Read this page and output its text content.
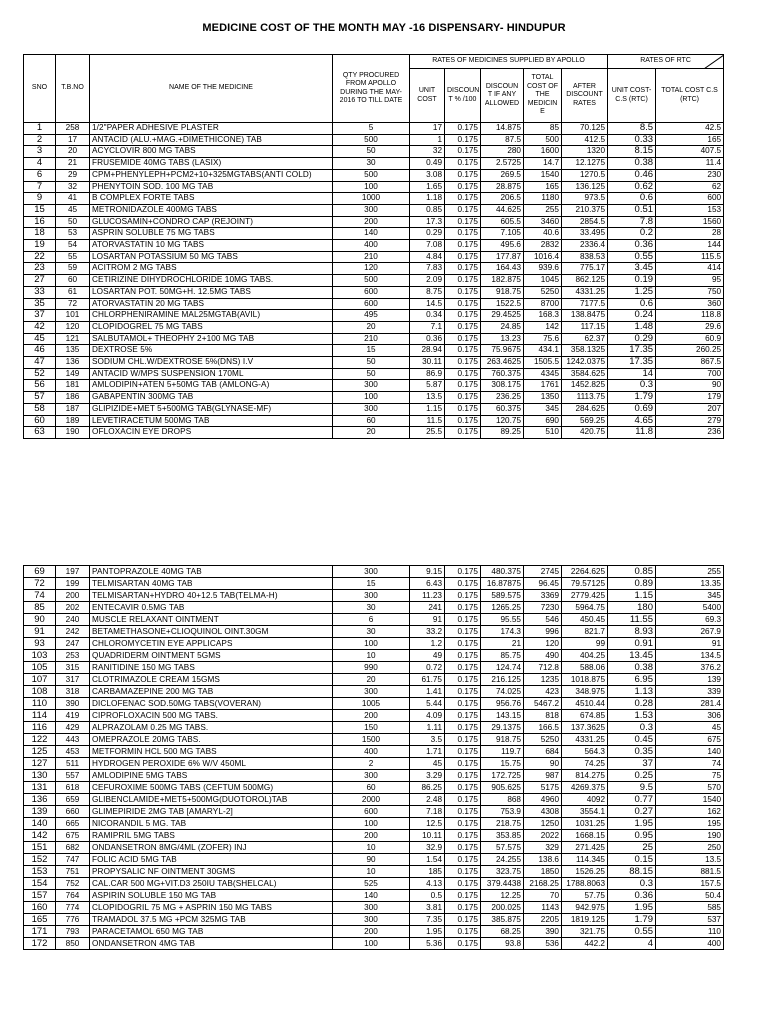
MEDICINE COST OF THE MONTH MAY -16 DISPENSARY- HINDUPUR
SNO	T.B.NO	NAME OF THE MEDICINE	QTY PROCURED FROM APOLLO DURING THE MAY-2016 TO TILL DATE	RATES OF MEDICINES SUPPLIED BY APOLLO					RATES OF RTC	

				UNIT COST	DISCOUN T % /100	DISCOUN T IF ANY ALLOWED	TOTAL COST OF THE MEDICIN E	AFTER DISCOUNT RATES	UNIT COST-C.S (RTC)	TOTAL COST C.S (RTC)
1	258	1/2"PAPER ADHESIVE PLASTER	5	17	0.175	14.875	85	70.125	8.5	42.5
2	17	ANTACID (ALU.+MAG.+DIMETHICONE) TAB	500	1	0.175	87.5	500	412.5	0.33	165
3	20	ACYCLOVIR 800 MG TABS	50	32	0.175	280	1600	1320	8.15	407.5
4	21	FRUSEMIDE 40MG TABS (LASIX)	30	0.49	0.175	2.5725	14.7	12.1275	0.38	11.4
6	29	CPM+PHENYLEPH+PCM2+10+325MGTABS(ANTI COLD)	500	3.08	0.175	269.5	1540	1270.5	0.46	230
7	32	PHENYTOIN SOD. 100 MG TAB	100	1.65	0.175	28.875	165	136.125	0.62	62
9	41	B COMPLEX FORTE TABS	1000	1.18	0.175	206.5	1180	973.5	0.6	600
15	45	METRONIDAZOLE 400MG TABS	300	0.85	0.175	44.625	255	210.375	0.51	153
16	50	GLUCOSAMIN+CONDRO CAP (REJOINT)	200	17.3	0.175	605.5	3460	2854.5	7.8	1560
18	53	ASPRIN SOLUBLE 75 MG TABS	140	0.29	0.175	7.105	40.6	33.495	0.2	28
19	54	ATORVASTATIN 10 MG TABS	400	7.08	0.175	495.6	2832	2336.4	0.36	144
22	55	LOSARTAN POTASSIUM 50 MG TABS	210	4.84	0.175	177.87	1016.4	838.53	0.55	115.5
23	59	ACITROM 2 MG TABS	120	7.83	0.175	164.43	939.6	775.17	3.45	414
27	60	CETIRIZINE DIHYDROCHLORIDE 10MG TABS.	500	2.09	0.175	182.875	1045	862.125	0.19	95
33	61	LOSARTAN POT. 50MG+H. 12.5MG TABS	600	8.75	0.175	918.75	5250	4331.25	1.25	750
35	72	ATORVASTATIN 20 MG TABS	600	14.5	0.175	1522.5	8700	7177.5	0.6	360
37	101	CHLORPHENIRAMINE MAL25MGTAB(AVIL)	495	0.34	0.175	29.4525	168.3	138.8475	0.24	118.8
42	120	CLOPIDOGREL 75 MG TABS	20	7.1	0.175	24.85	142	117.15	1.48	29.6
45	121	SALBUTAMOL+ THEOPHY 2+100 MG TAB	210	0.36	0.175	13.23	75.6	62.37	0.29	60.9
46	135	DEXTROSE 5%	15	28.94	0.175	75.9675	434.1	358.1325	17.35	260.25
47	136	SODIUM CHL.W/DEXTROSE 5%(DNS) I.V	50	30.11	0.175	263.4625	1505.5	1242.0375	17.35	867.5
52	149	ANTACID W/MPS SUSPENSION 170ML	50	86.9	0.175	760.375	4345	3584.625	14	700
56	181	AMLODIPIN+ATEN 5+50MG TAB (AMLONG-A)	300	5.87	0.175	308.175	1761	1452.825	0.3	90
57	186	GABAPENTIN 300MG TAB	100	13.5	0.175	236.25	1350	1113.75	1.79	179
58	187	GLIPIZIDE+MET 5+500MG TAB(GLYNASE-MF)	300	1.15	0.175	60.375	345	284.625	0.69	207
60	189	LEVETIRACETUM 500MG TAB	60	11.5	0.175	120.75	690	569.25	4.65	279
63	190	OFLOXACIN EYE DROPS	20	25.5	0.175	89.25	510	420.75	11.8	236
69	197	PANTOPRAZOLE 40MG TAB	300	9.15	0.175	480.375	2745	2264.625	0.85	255
72	199	TELMISARTAN 40MG TAB	15	6.43	0.175	16.87875	96.45	79.57125	0.89	13.35
74	200	TELMISARTAN+HYDRO 40+12.5 TAB(TELMA-H)	300	11.23	0.175	589.575	3369	2779.425	1.15	345
85	202	ENTECAVIR 0.5MG TAB	30	241	0.175	1265.25	7230	5964.75	180	5400
90	240	MUSCLE RELAXANT OINTMENT	6	91	0.175	95.55	546	450.45	11.55	69.3
91	242	BETAMETHASONE+CLIOQUINOL OINT.30GM	30	33.2	0.175	174.3	996	821.7	8.93	267.9
93	247	CHLOROMYCETIN EYE APPLICAPS	100	1.2	0.175	21	120	99	0.91	91
103	253	QUADRIDERM OINTMENT 5GMS	10	49	0.175	85.75	490	404.25	13.45	134.5
105	315	RANITIDINE 150 MG TABS	990	0.72	0.175	124.74	712.8	588.06	0.38	376.2
107	317	CLOTRIMAZOLE CREAM 15GMS	20	61.75	0.175	216.125	1235	1018.875	6.95	139
108	318	CARBAMAZEPINE 200 MG TAB	300	1.41	0.175	74.025	423	348.975	1.13	339
110	390	DICLOFENAC SOD.50MG TABS(VOVERAN)	1005	5.44	0.175	956.76	5467.2	4510.44	0.28	281.4
114	419	CIPROFLOXACIN 500 MG TABS.	200	4.09	0.175	143.15	818	674.85	1.53	306
116	429	ALPRAZOLAM 0.25 MG TABS.	150	1.11	0.175	29.1375	166.5	137.3625	0.3	45
122	443	OMEPRAZOLE 20MG TABS.	1500	3.5	0.175	918.75	5250	4331.25	0.45	675
125	453	METFORMIN HCL 500 MG TABS	400	1.71	0.175	119.7	684	564.3	0.35	140
127	511	HYDROGEN PEROXIDE 6% W/V 450ML	2	45	0.175	15.75	90	74.25	37	74
130	557	AMLODIPINE 5MG TABS	300	3.29	0.175	172.725	987	814.275	0.25	75
131	618	CEFUROXIME 500MG TABS (CEFTUM 500MG)	60	86.25	0.175	905.625	5175	4269.375	9.5	570
136	659	GLIBENCLAMIDE+MET5+500MG(DUOTOROL)TAB	2000	2.48	0.175	868	4960	4092	0.77	1540
139	660	GLIMEPIRIDE 2MG TAB [AMARYL-2]	600	7.18	0.175	753.9	4308	3554.1	0.27	162
140	665	NICORANDIL 5 MG. TAB	100	12.5	0.175	218.75	1250	1031.25	1.95	195
142	675	RAMIPRIL 5MG TABS	200	10.11	0.175	353.85	2022	1668.15	0.95	190
151	682	ONDANSETRON 8MG/4ML (ZOFER) INJ	10	32.9	0.175	57.575	329	271.425	25	250
152	747	FOLIC ACID 5MG TAB	90	1.54	0.175	24.255	138.6	114.345	0.15	13.5
153	751	PROPYSALIC NF OINTMENT 30GMS	10	185	0.175	323.75	1850	1526.25	88.15	881.5
154	752	CAL.CAR 500 MG+VIT.D3 250IU TAB(SHELCAL)	525	4.13	0.175	379.4438	2168.25	1788.8063	0.3	157.5
157	764	ASPIRIN SOLUBLE 150 MG TAB	140	0.5	0.175	12.25	70	57.75	0.36	50.4
160	774	CLOPIDOGRIL 75 MG + ASPRIN 150 MG TABS	300	3.81	0.175	200.025	1143	942.975	1.95	585
165	776	TRAMADOL 37.5 MG +PCM 325MG TAB	300	7.35	0.175	385.875	2205	1819.125	1.79	537
171	793	PARACETAMOL 650 MG TAB	200	1.95	0.175	68.25	390	321.75	0.55	110
172	850	ONDANSETRON 4MG TAB	100	5.36	0.175	93.8	536	442.2	4	400
